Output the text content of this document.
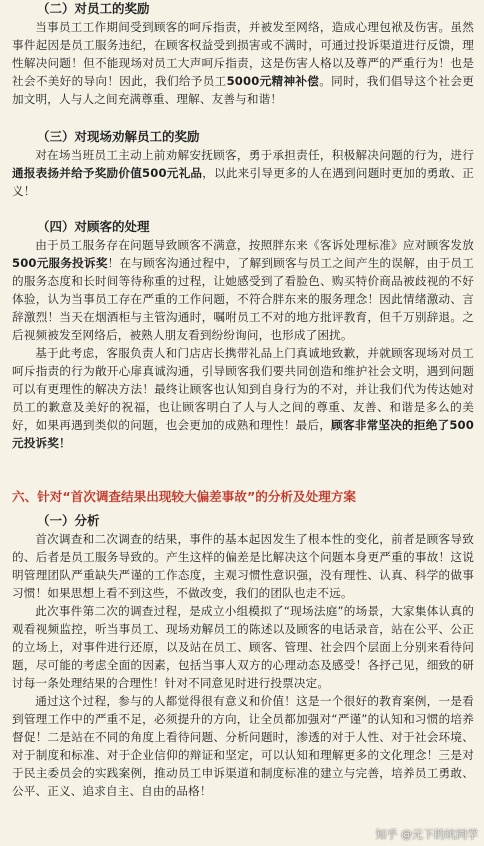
（二）对员工的奖励

当事员工工作期间受到顾客的呵斥指责，并被发至网络，造成心理包袱及伤害。虽然事件起因是员工服务违纪，在顾客权益受到损害或不满时，可通过投诉渠道进行反馈，理性解决问题！但不能现场对员工大声呵斥指责，这是伤害人格以及尊严的严重行为！也是社会不美好的导向！因此，我们给予员工5000元精神补偿。同时，我们倡导这个社会更加文明，人与人之间充满尊重、理解、友善与和谐！

（三）对现场劝解员工的奖励

对在场当班员工主动上前劝解安抚顾客，勇于承担责任，积极解决问题的行为，进行通报表扬并给予奖励价值500元礼品，以此来引导更多的人在遇到问题时更加的勇敢、正义！

（四）对顾客的处理

由于员工服务存在问题导致顾客不满意，按照胖东来《客诉处理标准》应对顾客发放500元服务投诉奖！在与顾客沟通过程中，了解到顾客与员工之间产生的误解，由于员工的服务态度和长时间等待称重的过程，让她感受到了看脸色、购买特价商品被歧视的不好体验，认为当事员工存在严重的工作问题，不符合胖东来的服务理念！因此情绪激动、言辞激烈！当天在烟酒柜与主管沟通时，嘱咐员工不对的地方批评教育，但千万别辞退。之后视频被发至网络后，被熟人朋友看到纷纷询问，也形成了困扰。

基于此考虑，客服负责人和门店店长携带礼品上门真诚地致歉，并就顾客现场对员工呵斥指责的行为敞开心扉真诚沟通，引导顾客我们要共同创造和维护社会文明，遇到问题可以有更理性的解决方法！最终让顾客也认知到自身行为的不对，并让我们代为传达她对员工的歉意及美好的祝福，也让顾客明白了人与人之间的尊重、友善、和谐是多么的美好，如果再遇到类似的问题，也会更加的成熟和理性！最后，顾客非常坚决的拒绝了500元投诉奖！

六、针对“首次调查结果出现较大偏差事故”的分析及处理方案

（一）分析

首次调查和二次调查的结果，事件的基本起因发生了根本性的变化，前者是顾客导致的、后者是员工服务导致的。产生这样的偏差是比解决这个问题本身更严重的事故！这说明管理团队严重缺失严谨的工作态度，主观习惯性意识强，没有理性、认真、科学的做事习惯！如果思想上看不到这些，不做改变，我们的团队也走不远。

此次事件第二次的调查过程，是成立小组模拟了“现场法庭”的场景，大家集体认真的观看视频监控，听当事员工、现场劝解员工的陈述以及顾客的电话录音，站在公平、公正的立场上，对事件进行还原，以及站在员工、顾客、管理、社会四个层面上分别来看待问题，尽可能的考虑全面的因素，包括当事人双方的心理动态及感受！各抒己见，细致的研讨每一条处理结果的合理性！针对不同意见时进行投票决定。

通过这个过程，参与的人都觉得很有意义和价值！这是一个很好的教育案例，一是看到管理工作中的严重不足，必须提升的方向，让全员都加强对“严谨”的认知和习惯的培养督促！二是站在不同的角度上看待问题、分析问题时，渗透的对于人性、对于社会环境、对于制度和标准、对于企业信仰的辩证和坚定，可以认知和理解更多的文化理念！三是对于民主委员会的实践案例，推动员工申诉渠道和制度标准的建立与完善，培养员工勇敢、公平、正义、追求自主、自由的品格！

知乎 @元下的坑同学
